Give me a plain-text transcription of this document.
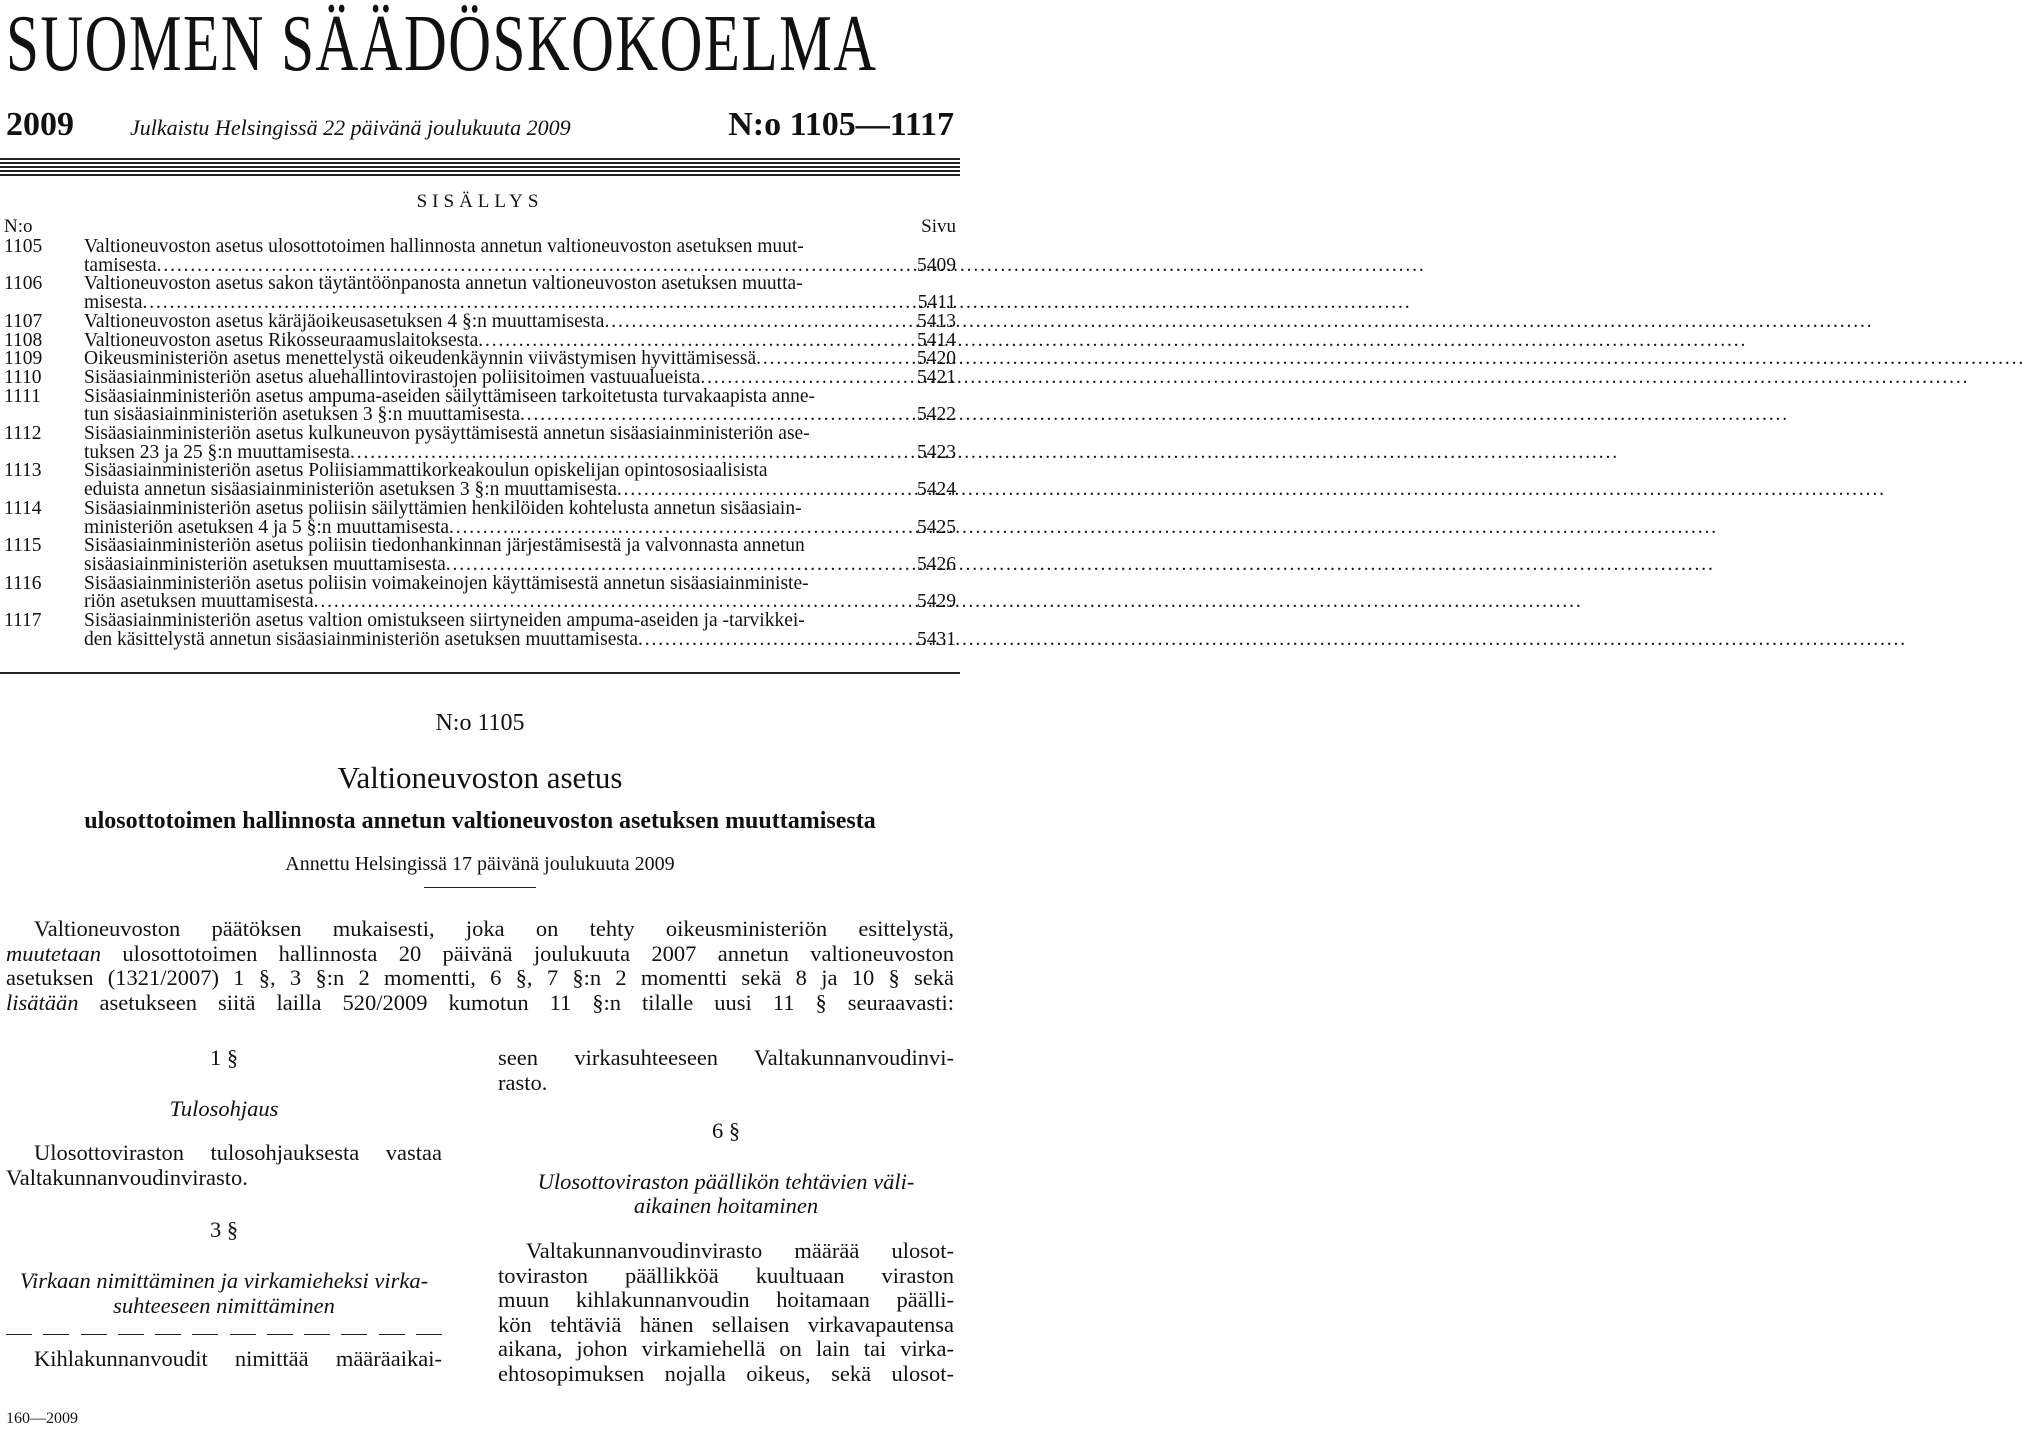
SUOMEN SÄÄDÖSKOKOELMA
2009	Julkaistu Helsingissä 22 päivänä joulukuuta 2009	N:o 1105—1117
SISÄLLYS
N:o	Sivu
1105	Valtioneuvoston asetus ulosottotoimen hallinnosta annetun valtioneuvoston asetuksen muut-
tamisesta . . .	5409
1106	Valtioneuvoston asetus sakon täytäntöönpanosta annetun valtioneuvoston asetuksen muutta-
misesta . . .	5411
1107	Valtioneuvoston asetus käräjäoikeusasetuksen 4 §:n muuttamisesta . . .	5413
1108	Valtioneuvoston asetus Rikosseuraamuslaitoksesta . . .	5414
1109	Oikeusministeriön asetus menettelystä oikeudenkäynnin viivästymisen hyvittämisessä . . .	5420
1110	Sisäasiainministeriön asetus aluehallintovirastojen poliisitoimen vastuualueista . . .	5421
1111	Sisäasiainministeriön asetus ampuma-aseiden säilyttämiseen tarkoitetusta turvakaapista anne-
tun sisäasiainministeriön asetuksen 3 §:n muuttamisesta . . .	5422
1112	Sisäasiainministeriön asetus kulkuneuvon pysäyttämisestä annetun sisäasiainministeriön ase-
tuksen 23 ja 25 §:n muuttamisesta . . .	5423
1113	Sisäasiainministeriön asetus Poliisiammattikorkeakoulun opiskelijan opintososiaalisista
eduista annetun sisäasiainministeriön asetuksen 3 §:n muuttamisesta . . .	5424
1114	Sisäasiainministeriön asetus poliisin säilyttämien henkilöiden kohtelusta annetun sisäasiain-
ministeriön asetuksen 4 ja 5 §:n muuttamisesta . . .	5425
1115	Sisäasiainministeriön asetus poliisin tiedonhankinnan järjestämisestä ja valvonnasta annetun
sisäasiainministeriön asetuksen muuttamisesta . . .	5426
1116	Sisäasiainministeriön asetus poliisin voimakeinojen käyttämisestä annetun sisäasiainministe-
riön asetuksen muuttamisesta . . .	5429
1117	Sisäasiainministeriön asetus valtion omistukseen siirtyneiden ampuma-aseiden ja -tarvikkei-
den käsittelystä annetun sisäasiainministeriön asetuksen muuttamisesta . . .	5431
N:o 1105
Valtioneuvoston asetus
ulosottotoimen hallinnosta annetun valtioneuvoston asetuksen muuttamisesta
Annettu Helsingissä 17 päivänä joulukuuta 2009
Valtioneuvoston päätöksen mukaisesti, joka on tehty oikeusministeriön esittelystä,
muutetaan ulosottotoimen hallinnosta 20 päivänä joulukuuta 2007 annetun valtioneuvoston
asetuksen (1321/2007) 1 §, 3 §:n 2 momentti, 6 §, 7 §:n 2 momentti sekä 8 ja 10 § sekä
lisätään asetukseen siitä lailla 520/2009 kumotun 11 §:n tilalle uusi 11 § seuraavasti:
1 §
Tulosohjaus
Ulosottoviraston tulosohjauksesta vastaa
Valtakunnanvoudinvirasto.
3 §
Virkaan nimittäminen ja virkamieheksi virka-
suhteeseen nimittäminen
Kihlakunnanvoudit nimittää määräaikai-
seen virkasuhteeseen Valtakunnanvoudinvi-
rasto.
6 §
Ulosottoviraston päällikön tehtävien väli-
aikainen hoitaminen
Valtakunnanvoudinvirasto määrää ulosot-
toviraston päällikköä kuultuaan viraston
muun kihlakunnanvoudin hoitamaan päälli-
kön tehtäviä hänen sellaisen virkavapautensa
aikana, johon virkamiehellä on lain tai virka-
ehtosopimuksen nojalla oikeus, sekä ulosot-
160—2009
